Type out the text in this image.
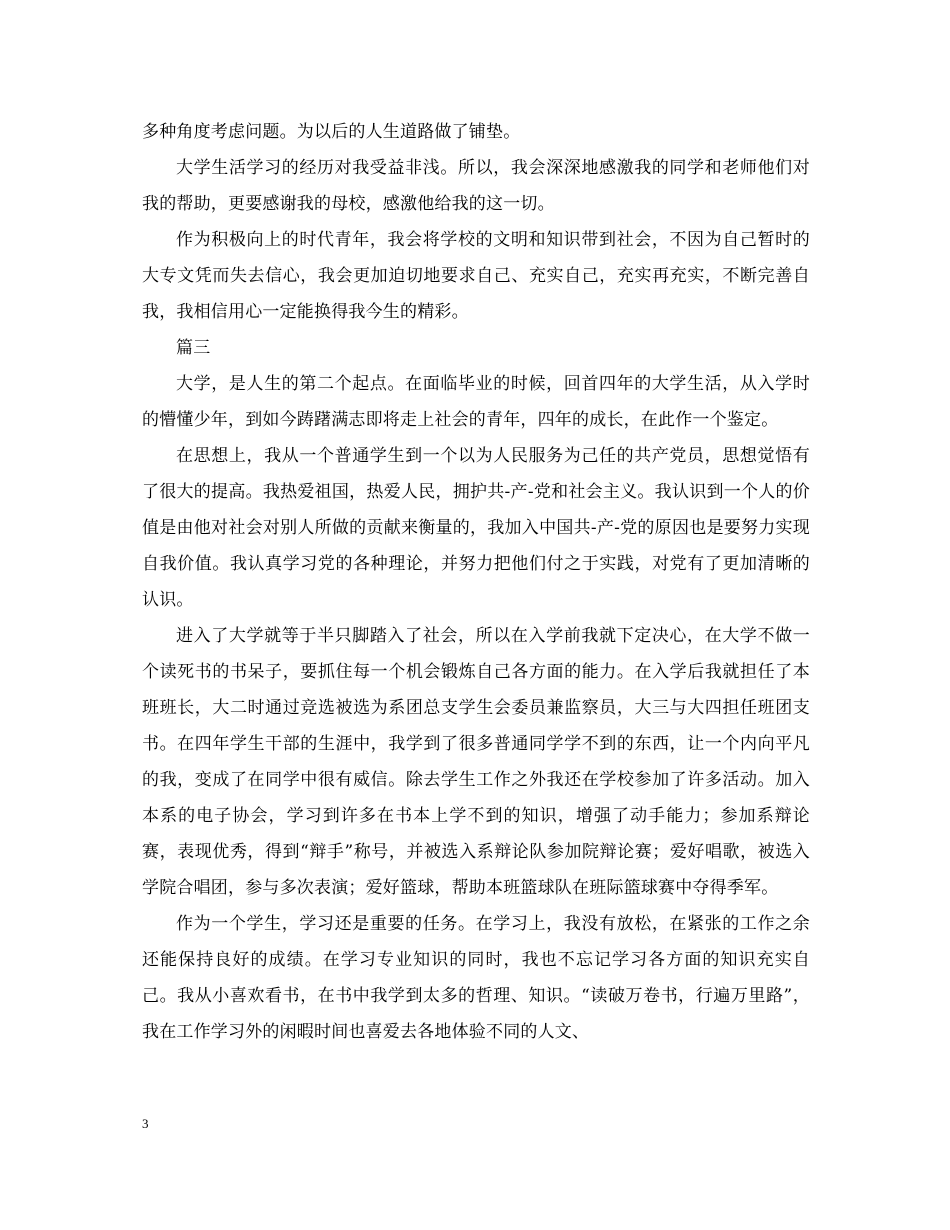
多种角度考虑问题。为以后的人生道路做了铺垫。

大学生活学习的经历对我受益非浅。所以，我会深深地感激我的同学和老师他们对我的帮助，更要感谢我的母校，感激他给我的这一切。

作为积极向上的时代青年，我会将学校的文明和知识带到社会，不因为自己暂时的大专文凭而失去信心，我会更加迫切地要求自己、充实自己，充实再充实，不断完善自我，我相信用心一定能换得我今生的精彩。

篇三

大学，是人生的第二个起点。在面临毕业的时候，回首四年的大学生活，从入学时的懵懂少年，到如今踌躇满志即将走上社会的青年，四年的成长，在此作一个鉴定。

在思想上，我从一个普通学生到一个以为人民服务为己任的共产党员，思想觉悟有了很大的提高。我热爱祖国，热爱人民，拥护共-产-党和社会主义。我认识到一个人的价值是由他对社会对别人所做的贡献来衡量的，我加入中国共-产-党的原因也是要努力实现自我价值。我认真学习党的各种理论，并努力把他们付之于实践，对党有了更加清晰的认识。

进入了大学就等于半只脚踏入了社会，所以在入学前我就下定决心，在大学不做一个读死书的书呆子，要抓住每一个机会锻炼自己各方面的能力。在入学后我就担任了本班班长，大二时通过竞选被选为系团总支学生会委员兼监察员，大三与大四担任班团支书。在四年学生干部的生涯中，我学到了很多普通同学学不到的东西，让一个内向平凡的我，变成了在同学中很有威信。除去学生工作之外我还在学校参加了许多活动。加入本系的电子协会，学习到许多在书本上学不到的知识，增强了动手能力；参加系辩论赛，表现优秀，得到“辩手”称号，并被选入系辩论队参加院辩论赛；爱好唱歌，被选入学院合唱团，参与多次表演；爱好篮球，帮助本班篮球队在班际篮球赛中夺得季军。

作为一个学生，学习还是重要的任务。在学习上，我没有放松，在紧张的工作之余还能保持良好的成绩。在学习专业知识的同时，我也不忘记学习各方面的知识充实自己。我从小喜欢看书，在书中我学到太多的哲理、知识。“读破万卷书，行遍万里路”，我在工作学习外的闲暇时间也喜爱去各地体验不同的人文、

3
